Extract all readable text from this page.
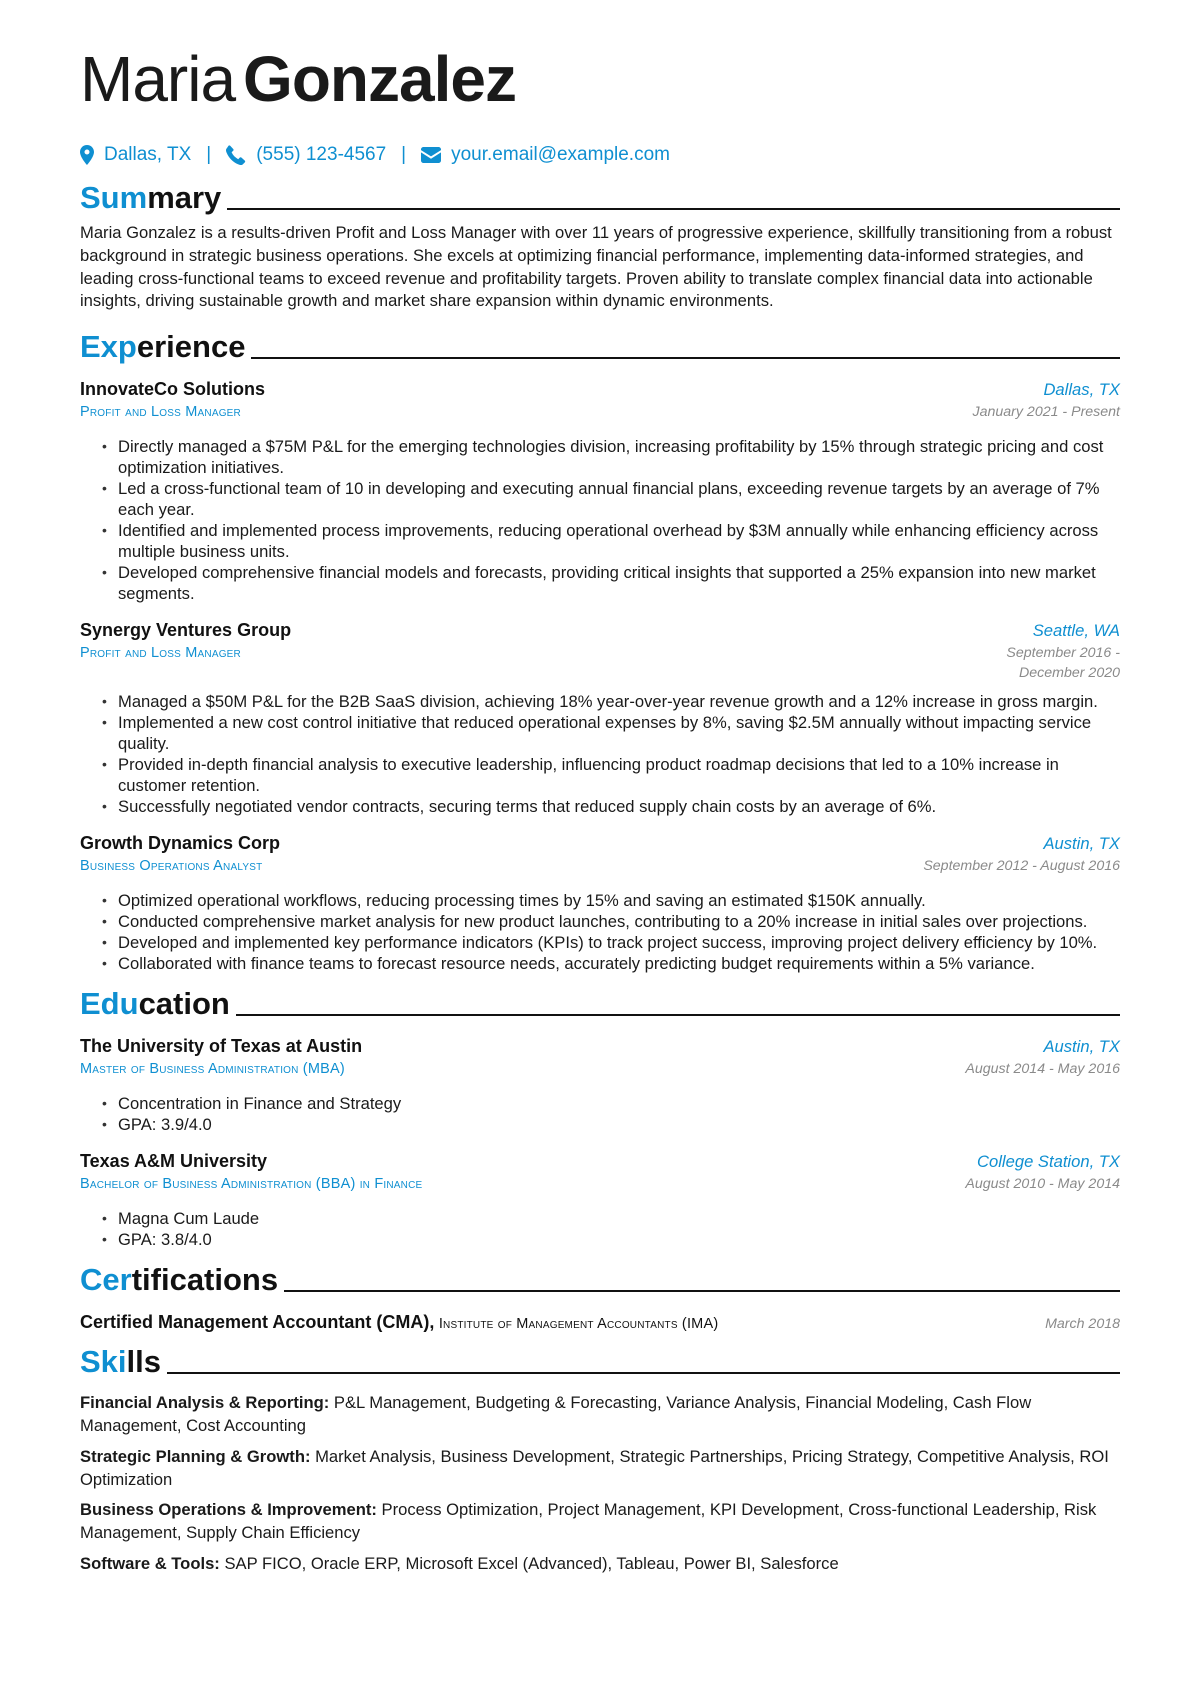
Maria Gonzalez
Dallas, TX | (555) 123-4567 | your.email@example.com
Summary
Maria Gonzalez is a results-driven Profit and Loss Manager with over 11 years of progressive experience, skillfully transitioning from a robust background in strategic business operations. She excels at optimizing financial performance, implementing data-informed strategies, and leading cross-functional teams to exceed revenue and profitability targets. Proven ability to translate complex financial data into actionable insights, driving sustainable growth and market share expansion within dynamic environments.
Experience
InnovateCo Solutions	Dallas, TX
Profit and Loss Manager	January 2021 - Present
• Directly managed a $75M P&L for the emerging technologies division, increasing profitability by 15% through strategic pricing and cost optimization initiatives.
• Led a cross-functional team of 10 in developing and executing annual financial plans, exceeding revenue targets by an average of 7% each year.
• Identified and implemented process improvements, reducing operational overhead by $3M annually while enhancing efficiency across multiple business units.
• Developed comprehensive financial models and forecasts, providing critical insights that supported a 25% expansion into new market segments.
Synergy Ventures Group	Seattle, WA
Profit and Loss Manager	September 2016 - December 2020
• Managed a $50M P&L for the B2B SaaS division, achieving 18% year-over-year revenue growth and a 12% increase in gross margin.
• Implemented a new cost control initiative that reduced operational expenses by 8%, saving $2.5M annually without impacting service quality.
• Provided in-depth financial analysis to executive leadership, influencing product roadmap decisions that led to a 10% increase in customer retention.
• Successfully negotiated vendor contracts, securing terms that reduced supply chain costs by an average of 6%.
Growth Dynamics Corp	Austin, TX
Business Operations Analyst	September 2012 - August 2016
• Optimized operational workflows, reducing processing times by 15% and saving an estimated $150K annually.
• Conducted comprehensive market analysis for new product launches, contributing to a 20% increase in initial sales over projections.
• Developed and implemented key performance indicators (KPIs) to track project success, improving project delivery efficiency by 10%.
• Collaborated with finance teams to forecast resource needs, accurately predicting budget requirements within a 5% variance.
Education
The University of Texas at Austin	Austin, TX
Master of Business Administration (MBA)	August 2014 - May 2016
• Concentration in Finance and Strategy
• GPA: 3.9/4.0
Texas A&M University	College Station, TX
Bachelor of Business Administration (BBA) in Finance	August 2010 - May 2014
• Magna Cum Laude
• GPA: 3.8/4.0
Certifications
Certified Management Accountant (CMA), Institute of Management Accountants (IMA)	March 2018
Skills
Financial Analysis & Reporting: P&L Management, Budgeting & Forecasting, Variance Analysis, Financial Modeling, Cash Flow Management, Cost Accounting
Strategic Planning & Growth: Market Analysis, Business Development, Strategic Partnerships, Pricing Strategy, Competitive Analysis, ROI Optimization
Business Operations & Improvement: Process Optimization, Project Management, KPI Development, Cross-functional Leadership, Risk Management, Supply Chain Efficiency
Software & Tools: SAP FICO, Oracle ERP, Microsoft Excel (Advanced), Tableau, Power BI, Salesforce
